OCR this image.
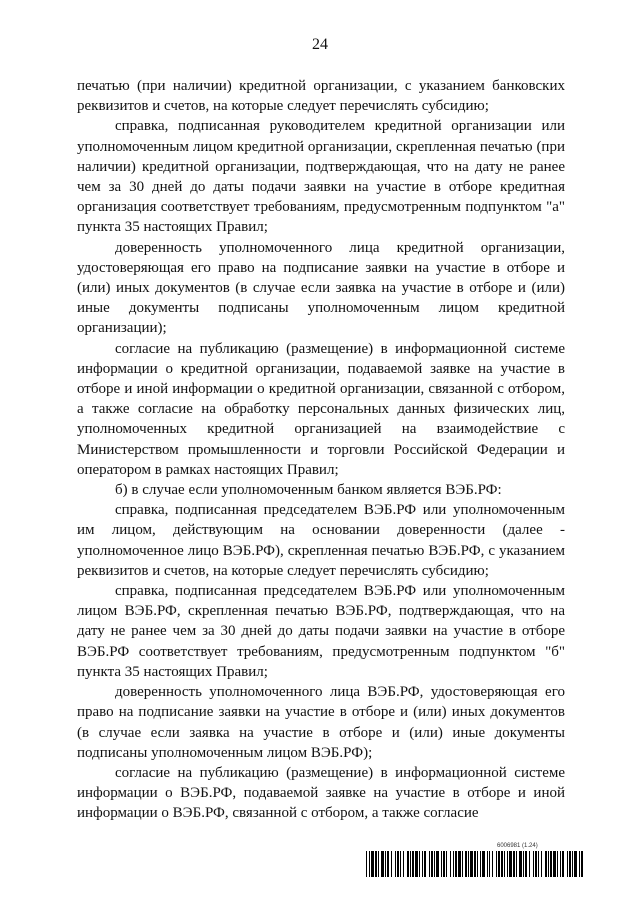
24

печатью (при наличии) кредитной организации, с указанием банковских реквизитов и счетов, на которые следует перечислять субсидию;

справка, подписанная руководителем кредитной организации или уполномоченным лицом кредитной организации, скрепленная печатью (при наличии) кредитной организации, подтверждающая, что на дату не ранее чем за 30 дней до даты подачи заявки на участие в отборе кредитная организация соответствует требованиям, предусмотренным подпунктом "а" пункта 35 настоящих Правил;

доверенность уполномоченного лица кредитной организации, удостоверяющая его право на подписание заявки на участие в отборе и (или) иных документов (в случае если заявка на участие в отборе и (или) иные документы подписаны уполномоченным лицом кредитной организации);

согласие на публикацию (размещение) в информационной системе информации о кредитной организации, подаваемой заявке на участие в отборе и иной информации о кредитной организации, связанной с отбором, а также согласие на обработку персональных данных физических лиц, уполномоченных кредитной организацией на взаимодействие с Министерством промышленности и торговли Российской Федерации и оператором в рамках настоящих Правил;

б) в случае если уполномоченным банком является ВЭБ.РФ:

справка, подписанная председателем ВЭБ.РФ или уполномоченным им лицом, действующим на основании доверенности (далее - уполномоченное лицо ВЭБ.РФ), скрепленная печатью ВЭБ.РФ, с указанием реквизитов и счетов, на которые следует перечислять субсидию;

справка, подписанная председателем ВЭБ.РФ или уполномоченным лицом ВЭБ.РФ, скрепленная печатью ВЭБ.РФ, подтверждающая, что на дату не ранее чем за 30 дней до даты подачи заявки на участие в отборе ВЭБ.РФ соответствует требованиям, предусмотренным подпунктом "б" пункта 35 настоящих Правил;

доверенность уполномоченного лица ВЭБ.РФ, удостоверяющая его право на подписание заявки на участие в отборе и (или) иных документов (в случае если заявка на участие в отборе и (или) иные документы подписаны уполномоченным лицом ВЭБ.РФ);

согласие на публикацию (размещение) в информационной системе информации о ВЭБ.РФ, подаваемой заявке на участие в отборе и иной информации о ВЭБ.РФ, связанной с отбором, а также согласие

6006981 (1.24)
